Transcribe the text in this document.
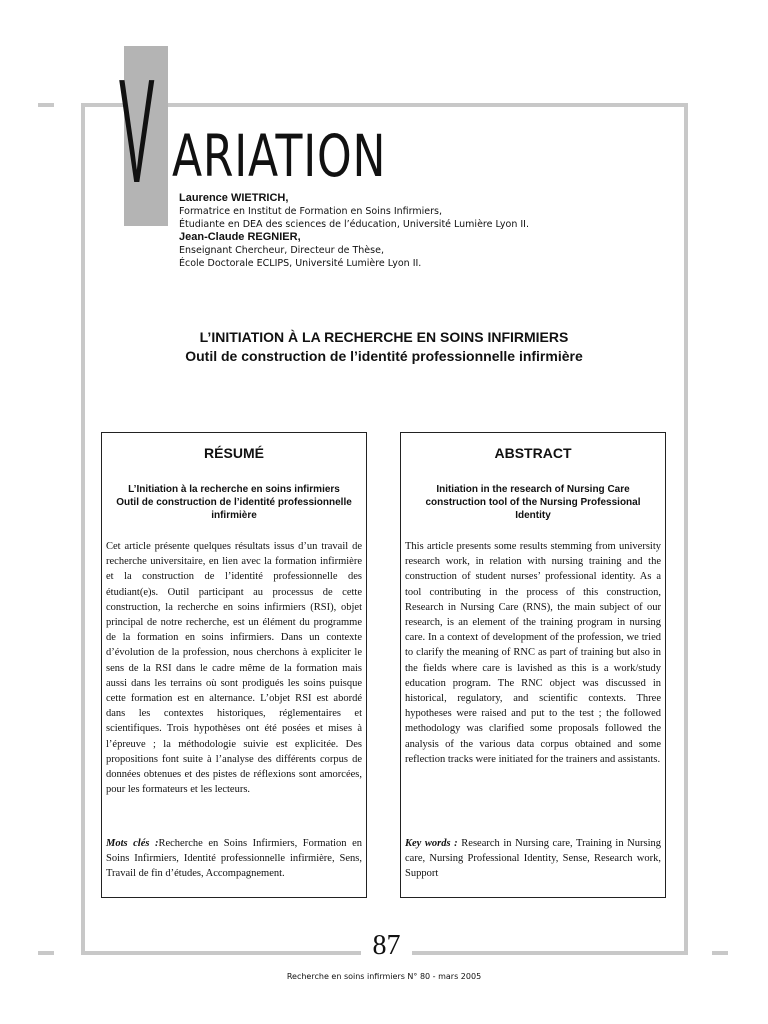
V ARIATION
Laurence WIETRICH,
Formatrice en Institut de Formation en Soins Infirmiers,
Étudiante en DEA des sciences de l’éducation, Université Lumière Lyon II.
Jean-Claude REGNIER,
Enseignant Chercheur, Directeur de Thèse,
École Doctorale ECLIPS, Université Lumière Lyon II.
L’INITIATION À LA RECHERCHE EN SOINS INFIRMIERS
Outil de construction de l’identité professionnelle infirmière
RÉSUMÉ
L’Initiation à la recherche en soins infirmiers Outil de construction de l’identité professionnelle infirmière
Cet article présente quelques résultats issus d’un travail de recherche universitaire, en lien avec la formation infirmière et la construction de l’identité professionnelle des étudiant(e)s. Outil participant au processus de cette construction, la recherche en soins infirmiers (RSI), objet principal de notre recherche, est un élément du programme de la formation en soins infirmiers. Dans un contexte d’évolution de la profession, nous cherchons à expliciter le sens de la RSI dans le cadre même de la formation mais aussi dans les terrains où sont prodigués les soins puisque cette formation est en alternance. L’objet RSI est abordé dans les contextes historiques, réglementaires et scientifiques. Trois hypothèses ont été posées et mises à l’épreuve ; la méthodologie suivie est explicitée. Des propositions font suite à l’analyse des différents corpus de données obtenues et des pistes de réflexions sont amorcées, pour les formateurs et les lecteurs.
Mots clés :Recherche en Soins Infirmiers, Formation en Soins Infirmiers, Identité professionnelle infirmière, Sens, Travail de fin d’études, Accompagnement.
ABSTRACT
Initiation in the research of Nursing Care construction tool of the Nursing Professional Identity
This article presents some results stemming from university research work, in relation with nursing training and the construction of student nurses’ professional identity. As a tool contributing in the process of this construction, Research in Nursing Care (RNS), the main subject of our research, is an element of the training program in nursing care. In a context of development of the profession, we tried to clarify the meaning of RNC as part of training but also in the fields where care is lavished as this is a work/study education program. The RNC object was discussed in historical, regulatory, and scientific contexts. Three hypotheses were raised and put to the test ; the followed methodology was clarified some proposals followed the analysis of the various data corpus obtained and some reflection tracks were initiated for the trainers and assistants.
Key words : Research in Nursing care, Training in Nursing care, Nursing Professional Identity, Sense, Research work, Support
87
Recherche en soins infirmiers N° 80 - mars 2005
